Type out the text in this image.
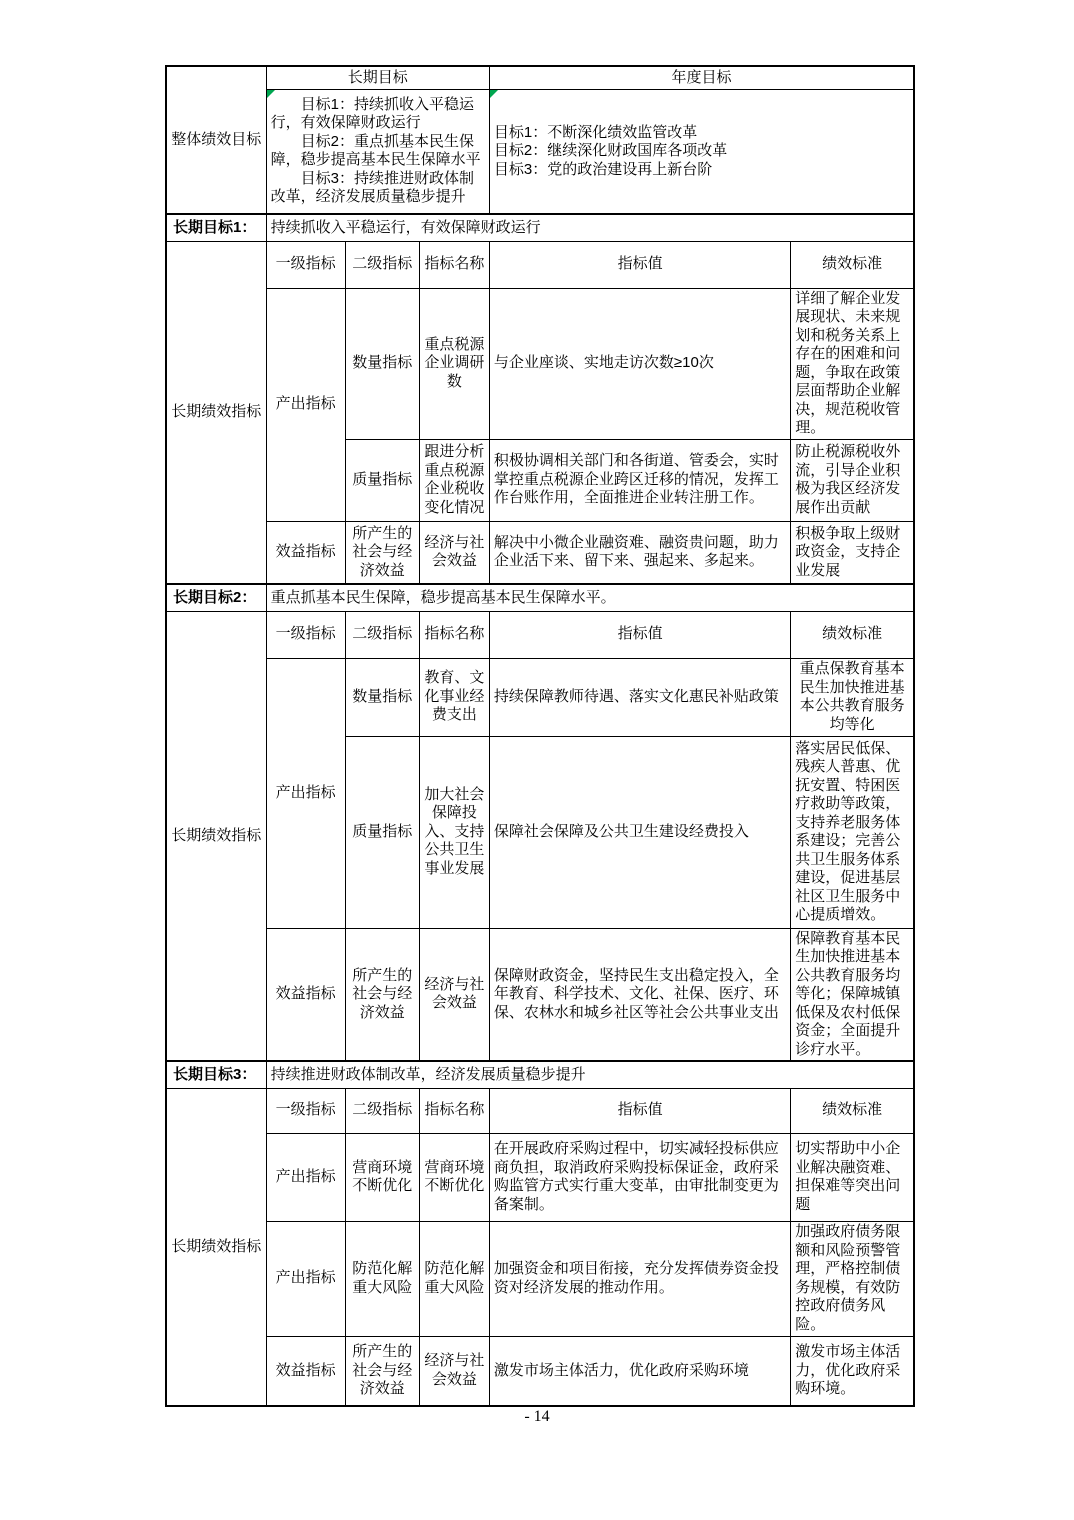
整体绩效目标	长期目标			年度目标	

目标1：持续抓收入平稳运行，有效保障财政运行
目标2：重点抓基本民生保障，稳步提高基本民生保障水平
目标3：持续推进财政体制改革，经济发展质量稳步提升

目标1：不断深化绩效监管改革
目标2：继续深化财政国库各项改革
目标3：党的政治建设再上新台阶

长期目标1：	持续抓收入平稳运行，有效保障财政运行				
长期绩效指标	一级指标	二级指标	指标名称	指标值	绩效标准
	产出指标	数量指标	重点税源企业调研数	与企业座谈、实地走访次数≥10次	详细了解企业发展现状、未来规划和税务关系上存在的困难和问题，争取在政策层面帮助企业解决，规范税收管理。
		质量指标	跟进分析重点税源企业税收变化情况	积极协调相关部门和各街道、管委会，实时掌控重点税源企业跨区迁移的情况，发挥工作台账作用，全面推进企业转注册工作。	防止税源税收外流，引导企业积极为我区经济发展作出贡献
	效益指标	所产生的社会与经济效益	经济与社会效益	解决中小微企业融资难、融资贵问题，助力企业活下来、留下来、强起来、多起来。	积极争取上级财政资金，支持企业发展
长期目标2：	重点抓基本民生保障，稳步提高基本民生保障水平。				
长期绩效指标	一级指标	二级指标	指标名称	指标值	绩效标准
	产出指标	数量指标	教育、文化事业经费支出	持续保障教师待遇、落实文化惠民补贴政策	重点保教育基本民生加快推进基本公共教育服务均等化
		质量指标	加大社会保障投入、支持公共卫生事业发展	保障社会保障及公共卫生建设经费投入	落实居民低保、残疾人普惠、优抚安置、特困医疗救助等政策，支持养老服务体系建设；完善公共卫生服务体系建设，促进基层社区卫生服务中心提质增效。
	效益指标	所产生的社会与经济效益	经济与社会效益	保障财政资金，坚持民生支出稳定投入，全年教育、科学技术、文化、社保、医疗、环保、农林水和城乡社区等社会公共事业支出	保障教育基本民生加快推进基本公共教育服务均等化；保障城镇低保及农村低保资金；全面提升诊疗水平。
长期目标3：	持续推进财政体制改革，经济发展质量稳步提升				
长期绩效指标	一级指标	二级指标	指标名称	指标值	绩效标准
	产出指标	营商环境不断优化	营商环境不断优化	在开展政府采购过程中，切实减轻投标供应商负担，取消政府采购投标保证金，政府采购监管方式实行重大变革，由审批制变更为备案制。	切实帮助中小企业解决融资难、担保难等突出问题
	产出指标	防范化解重大风险	防范化解重大风险	加强资金和项目衔接，充分发挥债券资金投资对经济发展的推动作用。	加强政府债务限额和风险预警管理，严格控制债务规模，有效防控政府债务风险。
	效益指标	所产生的社会与经济效益	经济与社会效益	激发市场主体活力，优化政府采购环境	激发市场主体活力，优化政府采购环境。
- 14
